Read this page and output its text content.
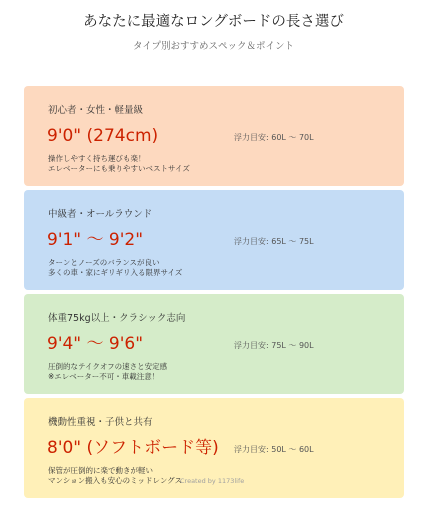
あなたに最適なロングボードの長さ選び
タイプ別おすすめスペック＆ポイント
初心者・女性・軽量級
9'0" (274cm)	浮力目安: 60L ～ 70L
操作しやすく持ち運びも楽！
エレベーターにも乗りやすいベストサイズ
中級者・オールラウンド
9'1" ～ 9'2"	浮力目安: 65L ～ 75L
ターンとノーズのバランスが良い
多くの車・家にギリギリ入る限界サイズ
体重75kg以上・クラシック志向
9'4" ～ 9'6"	浮力目安: 75L ～ 90L
圧倒的なテイクオフの速さと安定感
※エレベーター不可・車載注意！
機動性重視・子供と共有
8'0" (ソフトボード等) 浮力目安: 50L ～ 60L
保管が圧倒的に楽で動きが軽い
マンション搬入も安心のミッドレングス
Created by 1173life
